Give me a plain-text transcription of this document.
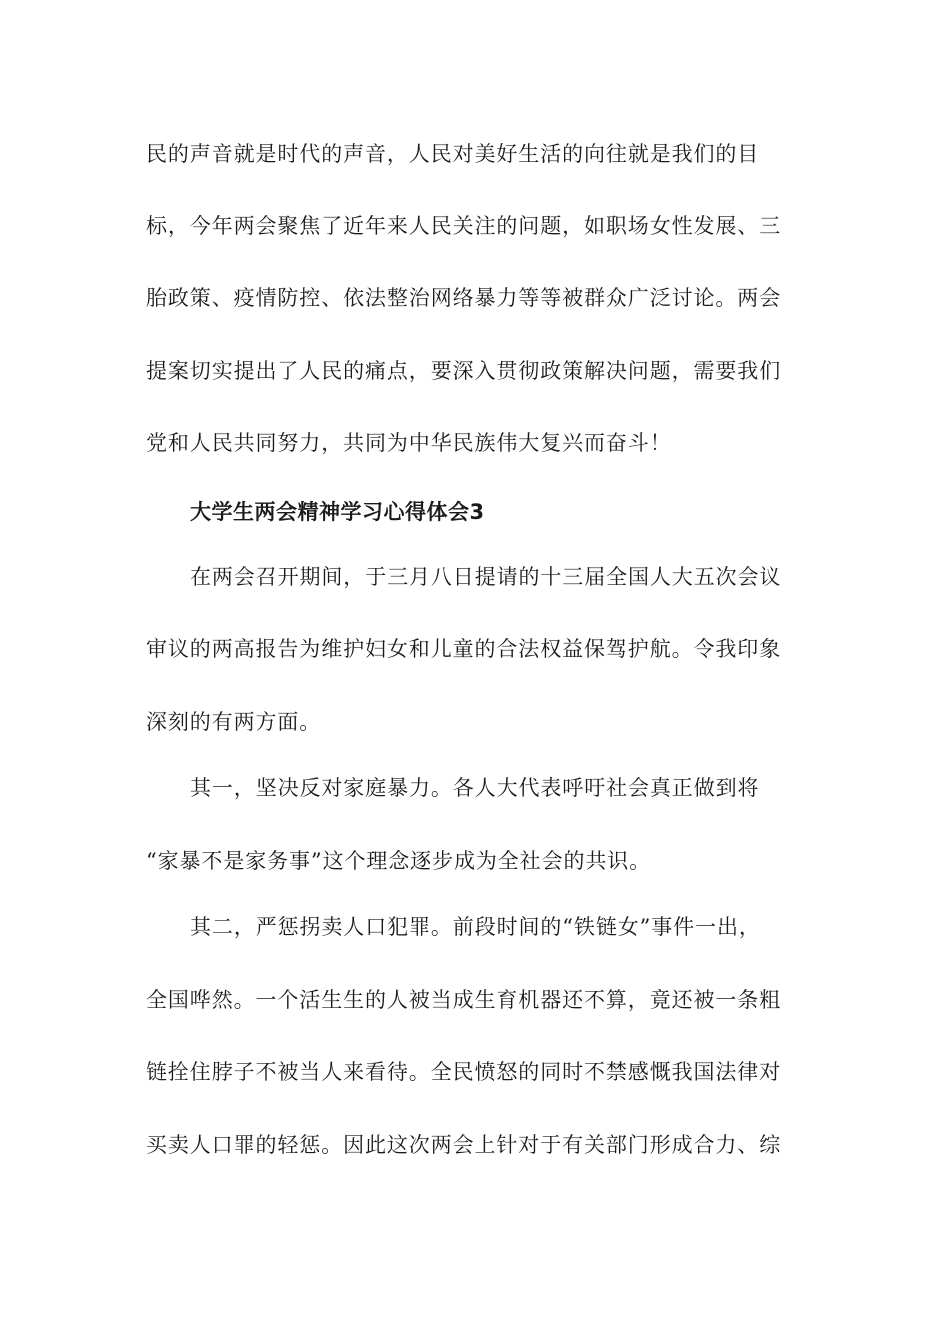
民的声音就是时代的声音，人民对美好生活的向往就是我们的目
标，今年两会聚焦了近年来人民关注的问题，如职场女性发展、三
胎政策、疫情防控、依法整治网络暴力等等被群众广泛讨论。两会
提案切实提出了人民的痛点，要深入贯彻政策解决问题，需要我们
党和人民共同努力，共同为中华民族伟大复兴而奋斗！
大学生两会精神学习心得体会3
在两会召开期间，于三月八日提请的十三届全国人大五次会议
审议的两高报告为维护妇女和儿童的合法权益保驾护航。令我印象
深刻的有两方面。
其一，坚决反对家庭暴力。各人大代表呼吁社会真正做到将
“家暴不是家务事”这个理念逐步成为全社会的共识。
其二，严惩拐卖人口犯罪。前段时间的“铁链女”事件一出，
全国哗然。一个活生生的人被当成生育机器还不算，竟还被一条粗
链拴住脖子不被当人来看待。全民愤怒的同时不禁感慨我国法律对
买卖人口罪的轻惩。因此这次两会上针对于有关部门形成合力、综
